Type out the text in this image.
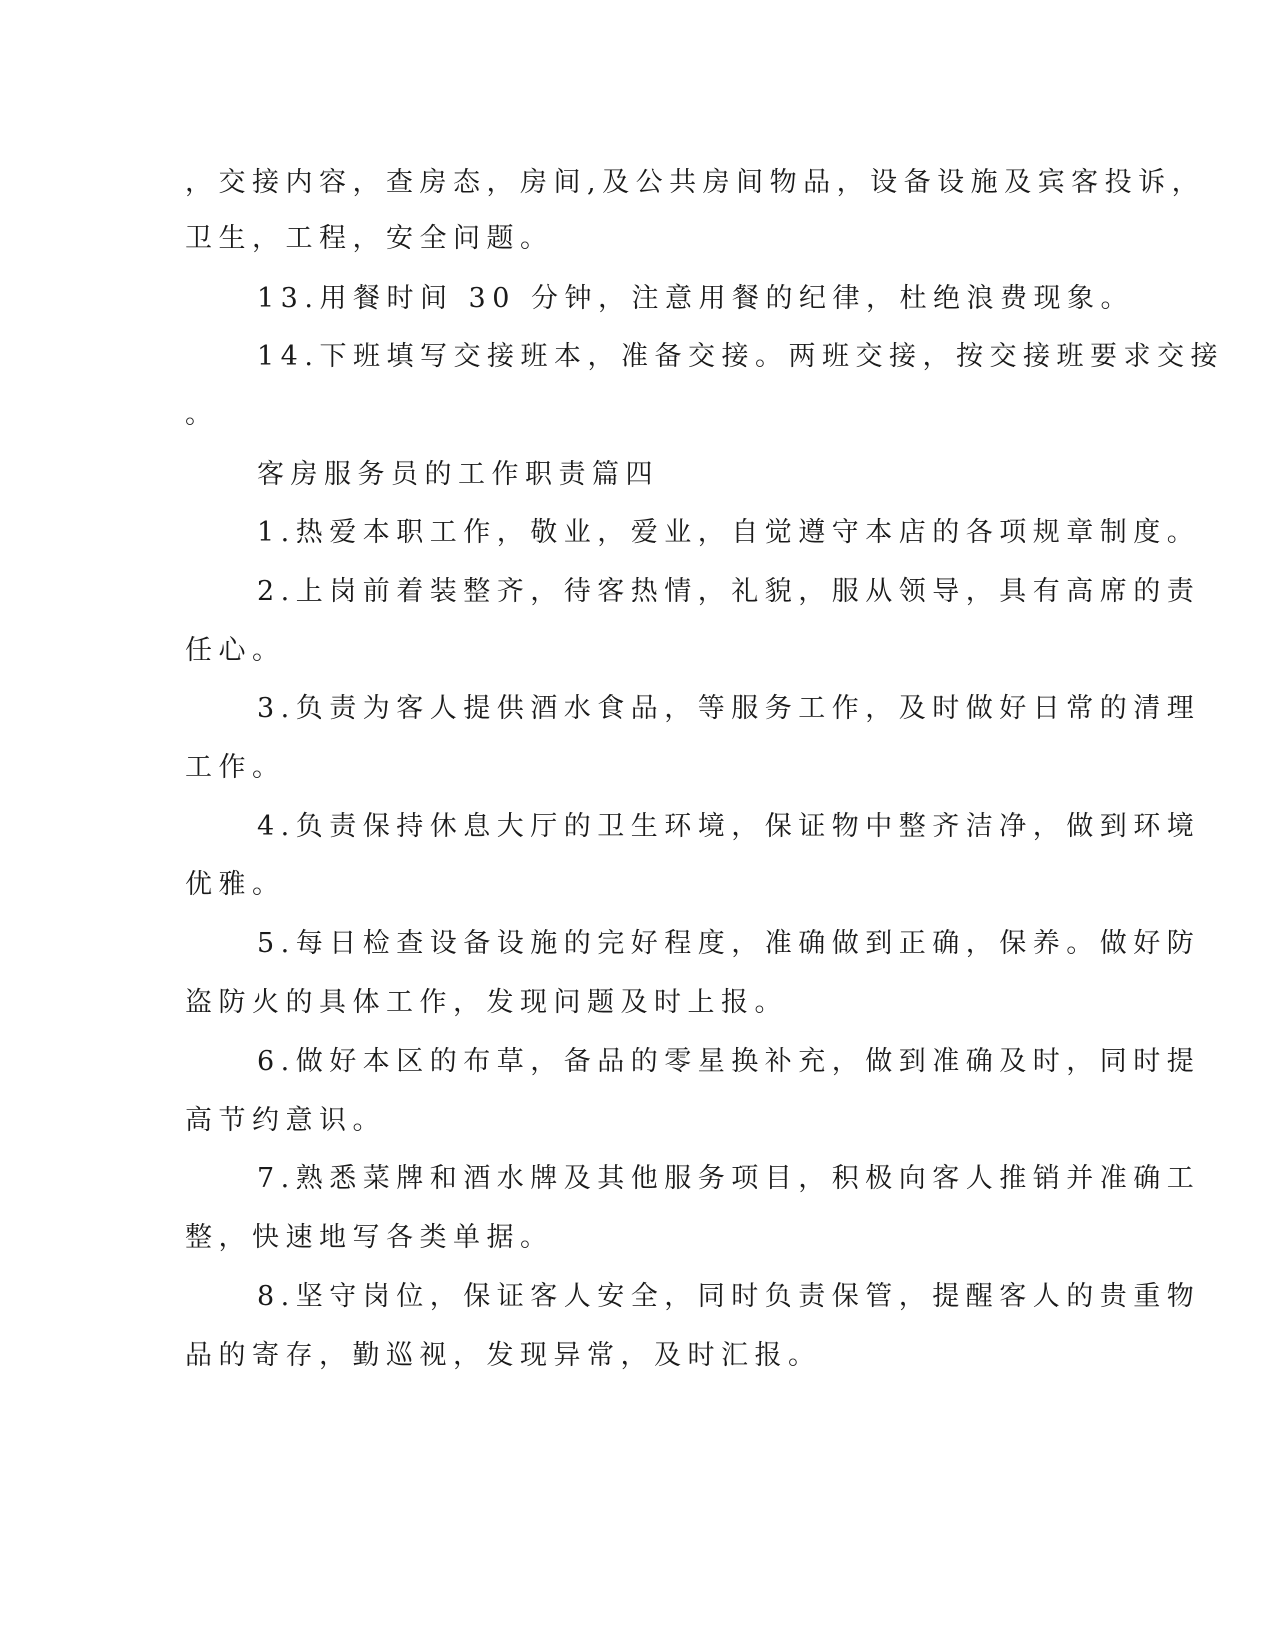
，交接内容，查房态，房间,及公共房间物品，设备设施及宾客投诉，
卫生，工程，安全问题。
13.用餐时间 30 分钟，注意用餐的纪律，杜绝浪费现象。
14.下班填写交接班本，准备交接。两班交接，按交接班要求交接
。
客房服务员的工作职责篇四
1.热爱本职工作，敬业，爱业，自觉遵守本店的各项规章制度。
2.上岗前着装整齐，待客热情，礼貌，服从领导，具有高席的责
任心。
3.负责为客人提供酒水食品，等服务工作，及时做好日常的清理
工作。
4.负责保持休息大厅的卫生环境，保证物中整齐洁净，做到环境
优雅。
5.每日检查设备设施的完好程度，准确做到正确，保养。做好防
盗防火的具体工作，发现问题及时上报。
6.做好本区的布草，备品的零星换补充，做到准确及时，同时提
高节约意识。
7.熟悉菜牌和酒水牌及其他服务项目，积极向客人推销并准确工
整，快速地写各类单据。
8.坚守岗位，保证客人安全，同时负责保管，提醒客人的贵重物
品的寄存，勤巡视，发现异常，及时汇报。
